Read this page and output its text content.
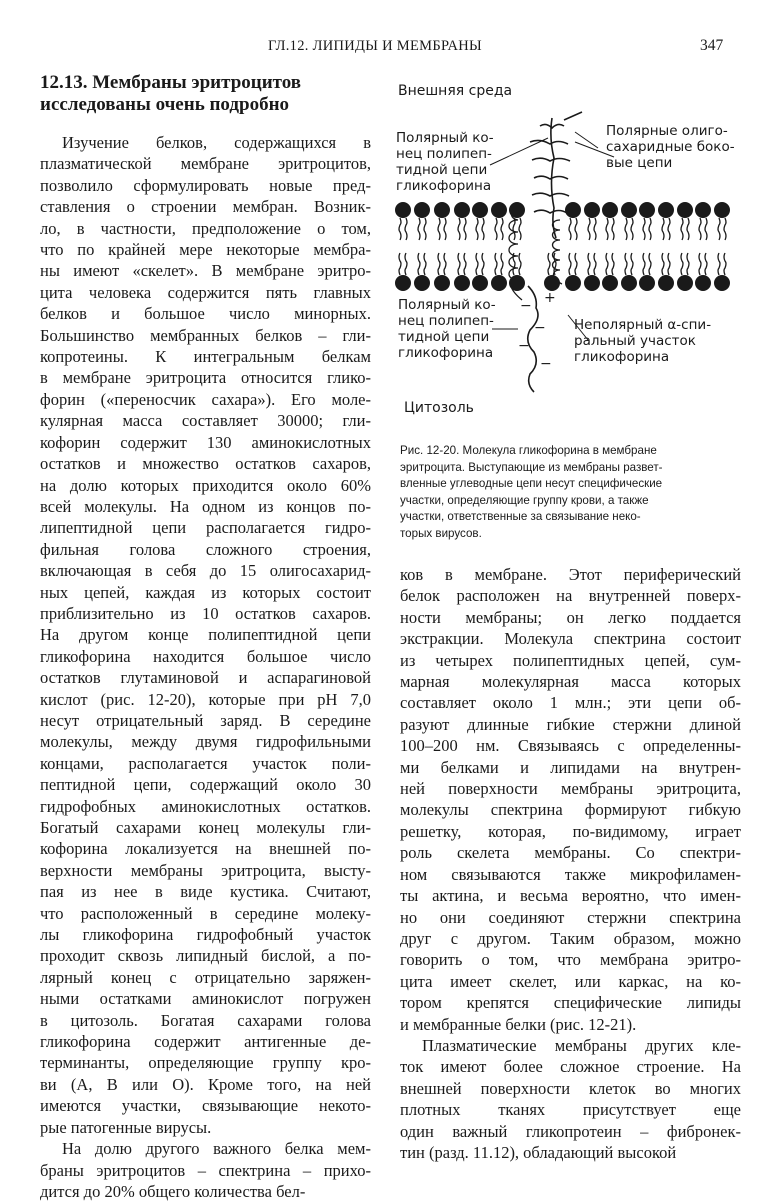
ГЛ.12. ЛИПИДЫ И МЕМБРАНЫ	347
12.13. Мембраны эритроцитов
исследованы очень подробно
Изучение белков, содержащихся в
плазматической мембране эритроцитов,
позволило сформулировать новые пред-
ставления о строении мембран. Возник-
ло, в частности, предположение о том,
что по крайней мере некоторые мембра-
ны имеют «скелет». В мембране эритро-
цита человека содержится пять главных
белков и большое число минорных.
Большинство мембранных белков – гли-
копротеины. К интегральным белкам
в мембране эритроцита относится глико-
форин («переносчик сахара»). Его моле-
кулярная масса составляет 30000; гли-
кофорин содержит 130 аминокислотных
остатков и множество остатков сахаров,
на долю которых приходится около 60%
всей молекулы. На одном из концов по-
липептидной цепи располагается гидро-
фильная голова сложного строения,
включающая в себя до 15 олигосахарид-
ных цепей, каждая из которых состоит
приблизительно из 10 остатков сахаров.
На другом конце полипептидной цепи
гликофорина находится большое число
остатков глутаминовой и аспарагиновой
кислот (рис. 12-20), которые при pH 7,0
несут отрицательный заряд. В середине
молекулы, между двумя гидрофильными
концами, располагается участок поли-
пептидной цепи, содержащий около 30
гидрофобных аминокислотных остатков.
Богатый сахарами конец молекулы гли-
кофорина локализуется на внешней по-
верхности мембраны эритроцита, высту-
пая из нее в виде кустика. Считают,
что расположенный в середине молеку-
лы гликофорина гидрофобный участок
проходит сквозь липидный бислой, а по-
лярный конец с отрицательно заряжен-
ными остатками аминокислот погружен
в цитозоль. Богатая сахарами голова
гликофорина содержит антигенные де-
терминанты, определяющие группу кро-
ви (А, В или О). Кроме того, на ней
имеются участки, связывающие некото-
рые патогенные вирусы.
На долю другого важного белка мем-
браны эритроцитов – спектрина – прихо-
дится до 20% общего количества бел-
Внешняя среда
Полярный ко-
нец полипеп-
тидной цепи
гликофорина
Полярные олиго-
сахаридные боко-
вые цепи
Полярный ко-
нец полипеп-
тидной цепи
гликофорина
Неполярный α-спи-
ральный участок
гликофорина
Цитозоль
+
−
−
−
−
Рис. 12-20. Молекула гликофорина в мембране
эритроцита. Выступающие из мембраны развет-
вленные углеводные цепи несут специфические
участки, определяющие группу крови, а также
участки, ответственные за связывание неко-
торых вирусов.
ков в мембране. Этот периферический
белок расположен на внутренней поверх-
ности мембраны; он легко поддается
экстракции. Молекула спектрина состоит
из четырех полипептидных цепей, сум-
марная молекулярная масса которых
составляет около 1 млн.; эти цепи об-
разуют длинные гибкие стержни длиной
100–200 нм. Связываясь с определенны-
ми белками и липидами на внутрен-
ней поверхности мембраны эритроцита,
молекулы спектрина формируют гибкую
решетку, которая, по-видимому, играет
роль скелета мембраны. Со спектри-
ном связываются также микрофиламен-
ты актина, и весьма вероятно, что имен-
но они соединяют стержни спектрина
друг с другом. Таким образом, можно
говорить о том, что мембрана эритро-
цита имеет скелет, или каркас, на ко-
тором крепятся специфические липиды
и мембранные белки (рис. 12-21).
Плазматические мембраны других кле-
ток имеют более сложное строение. На
внешней поверхности клеток во многих
плотных тканях присутствует еще
один важный гликопротеин – фибронек-
тин (разд. 11.12), обладающий высокой
